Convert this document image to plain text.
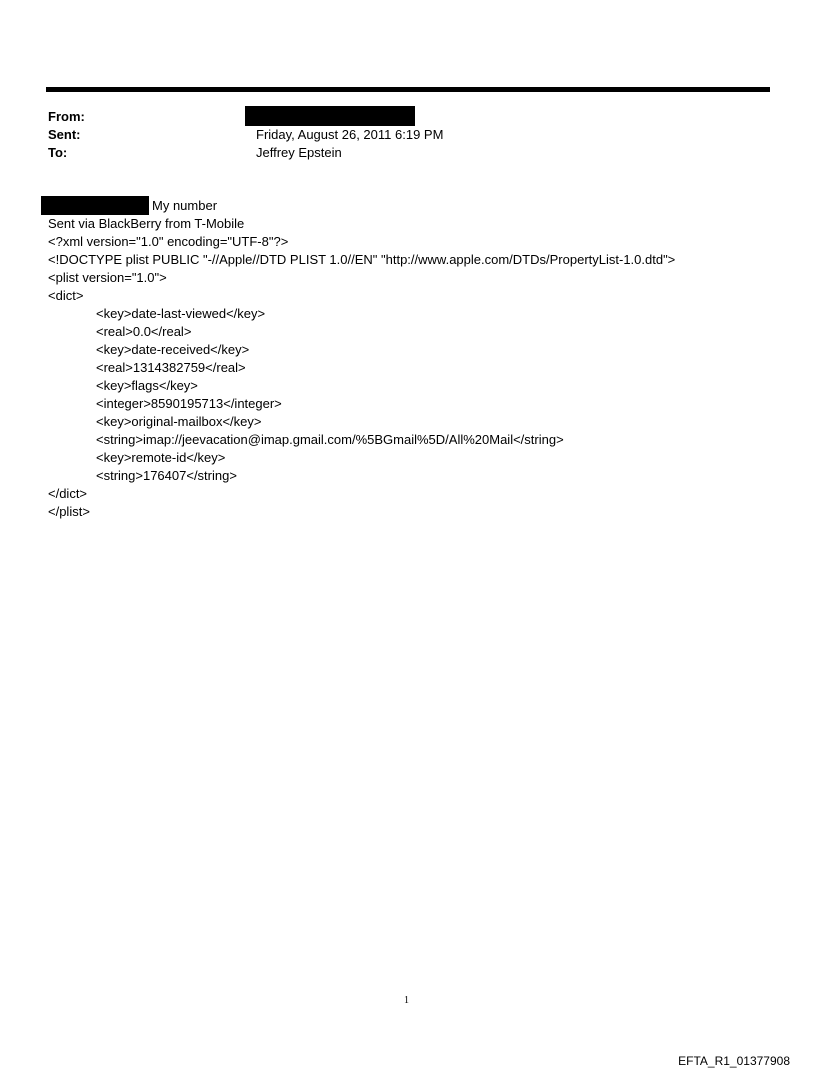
From:
Sent:	Friday, August 26, 2011 6:19 PM
To:	Jeffrey Epstein
My number
Sent via BlackBerry from T-Mobile
<?xml version="1.0" encoding="UTF-8"?>
<!DOCTYPE plist PUBLIC "-//Apple//DTD PLIST 1.0//EN" "http://www.apple.com/DTDs/PropertyList-1.0.dtd">
<plist version="1.0">
<dict>
<key>date-last-viewed</key>
<real>0.0</real>
<key>date-received</key>
<real>1314382759</real>
<key>flags</key>
<integer>8590195713</integer>
<key>original-mailbox</key>
<string>imap://jeevacation@imap.gmail.com/%5BGmail%5D/All%20Mail</string>
<key>remote-id</key>
<string>176407</string>
</dict>
</plist>
1
EFTA_R1_01377908
